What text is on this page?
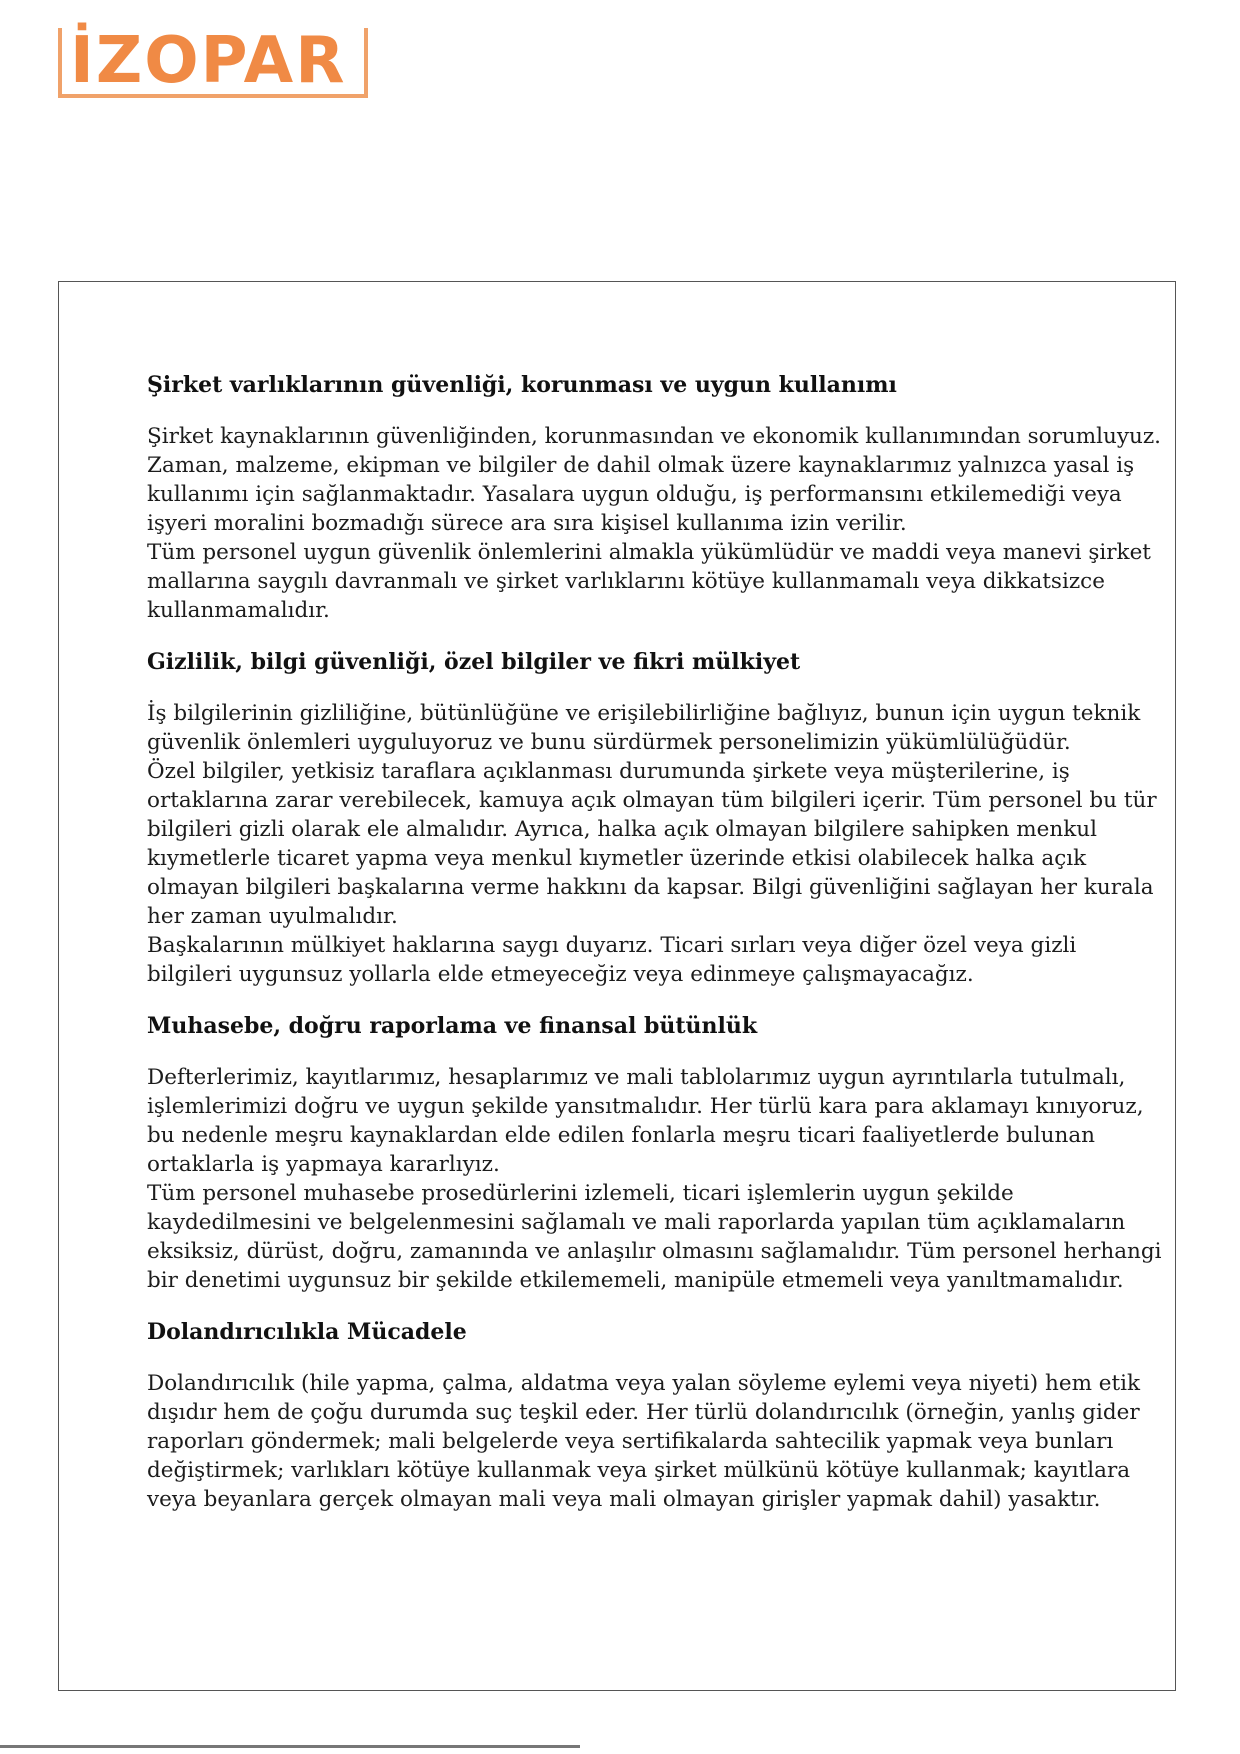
İZOPAR
Şirket varlıklarının güvenliği, korunması ve uygun kullanımı

Şirket kaynaklarının güvenliğinden, korunmasından ve ekonomik kullanımından sorumluyuz. Zaman, malzeme, ekipman ve bilgiler de dahil olmak üzere kaynaklarımız yalnızca yasal iş kullanımı için sağlanmaktadır. Yasalara uygun olduğu, iş performansını etkilemediği veya işyeri moralini bozmadığı sürece ara sıra kişisel kullanıma izin verilir.

Tüm personel uygun güvenlik önlemlerini almakla yükümlüdür ve maddi veya manevi şirket mallarına saygılı davranmalı ve şirket varlıklarını kötüye kullanmamalı veya dikkatsizce kullanmamalıdır.

Gizlilik, bilgi güvenliği, özel bilgiler ve fikri mülkiyet

İş bilgilerinin gizliliğine, bütünlüğüne ve erişilebilirliğine bağlıyız, bunun için uygun teknik güvenlik önlemleri uyguluyoruz ve bunu sürdürmek personelimizin yükümlülüğüdür.

Özel bilgiler, yetkisiz taraflara açıklanması durumunda şirkete veya müşterilerine, iş ortaklarına zarar verebilecek, kamuya açık olmayan tüm bilgileri içerir. Tüm personel bu tür bilgileri gizli olarak ele almalıdır. Ayrıca, halka açık olmayan bilgilere sahipken menkul kıymetlerle ticaret yapma veya menkul kıymetler üzerinde etkisi olabilecek halka açık olmayan bilgileri başkalarına verme hakkını da kapsar. Bilgi güvenliğini sağlayan her kurala her zaman uyulmalıdır.

Başkalarının mülkiyet haklarına saygı duyarız. Ticari sırları veya diğer özel veya gizli bilgileri uygunsuz yollarla elde etmeyeceğiz veya edinmeye çalışmayacağız.

Muhasebe, doğru raporlama ve finansal bütünlük

Defterlerimiz, kayıtlarımız, hesaplarımız ve mali tablolarımız uygun ayrıntılarla tutulmalı, işlemlerimizi doğru ve uygun şekilde yansıtmalıdır. Her türlü kara para aklamayı kınıyoruz, bu nedenle meşru kaynaklardan elde edilen fonlarla meşru ticari faaliyetlerde bulunan ortaklarla iş yapmaya kararlıyız.

Tüm personel muhasebe prosedürlerini izlemeli, ticari işlemlerin uygun şekilde kaydedilmesini ve belgelenmesini sağlamalı ve mali raporlarda yapılan tüm açıklamaların eksiksiz, dürüst, doğru, zamanında ve anlaşılır olmasını sağlamalıdır. Tüm personel herhangi bir denetimi uygunsuz bir şekilde etkilememeli, manipüle etmemeli veya yanıltmamalıdır.

Dolandırıcılıkla Mücadele

Dolandırıcılık (hile yapma, çalma, aldatma veya yalan söyleme eylemi veya niyeti) hem etik dışıdır hem de çoğu durumda suç teşkil eder. Her türlü dolandırıcılık (örneğin, yanlış gider raporları göndermek; mali belgelerde veya sertifikalarda sahtecilik yapmak veya bunları değiştirmek; varlıkları kötüye kullanmak veya şirket mülkünü kötüye kullanmak; kayıtlara veya beyanlara gerçek olmayan mali veya mali olmayan girişler yapmak dahil) yasaktır.
